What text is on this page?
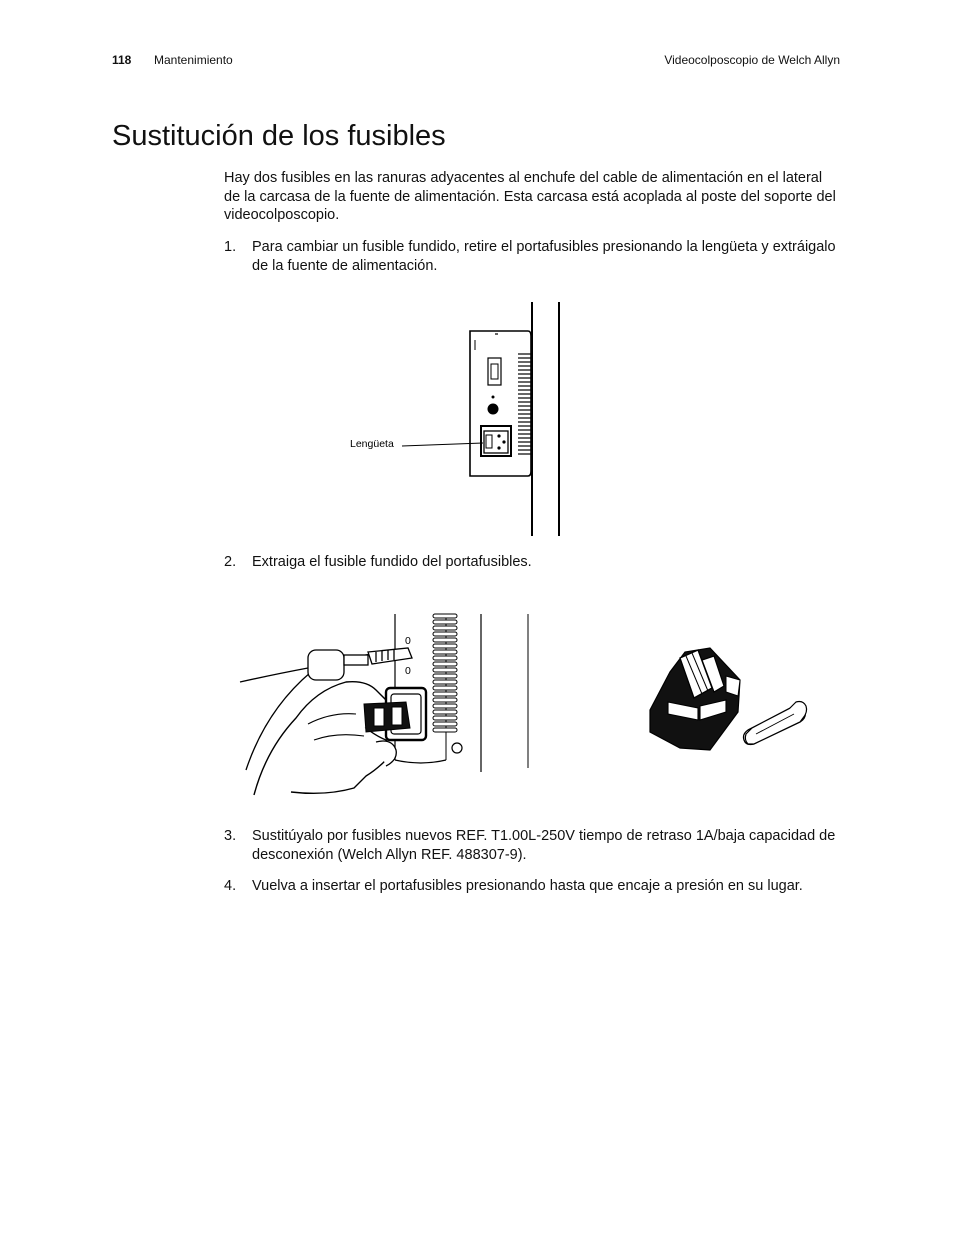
118 Mantenimiento	Videocolposcopio de Welch Allyn
Sustitución de los fusibles

Hay dos fusibles en las ranuras adyacentes al enchufe del cable de alimentación en el lateral de la carcasa de la fuente de alimentación. Esta carcasa está acoplada al poste del soporte del videocolposcopio.

1.	Para cambiar un fusible fundido, retire el portafusibles presionando la lengüeta y extráigalo de la fuente de alimentación.
Lengüeta
2.	Extraiga el fusible fundido del portafusibles.
0
0
3.	Sustitúyalo por fusibles nuevos REF. T1.00L-250V tiempo de retraso 1A/baja capacidad de desconexión (Welch Allyn REF. 488307-9).
4.	Vuelva a insertar el portafusibles presionando hasta que encaje a presión en su lugar.
